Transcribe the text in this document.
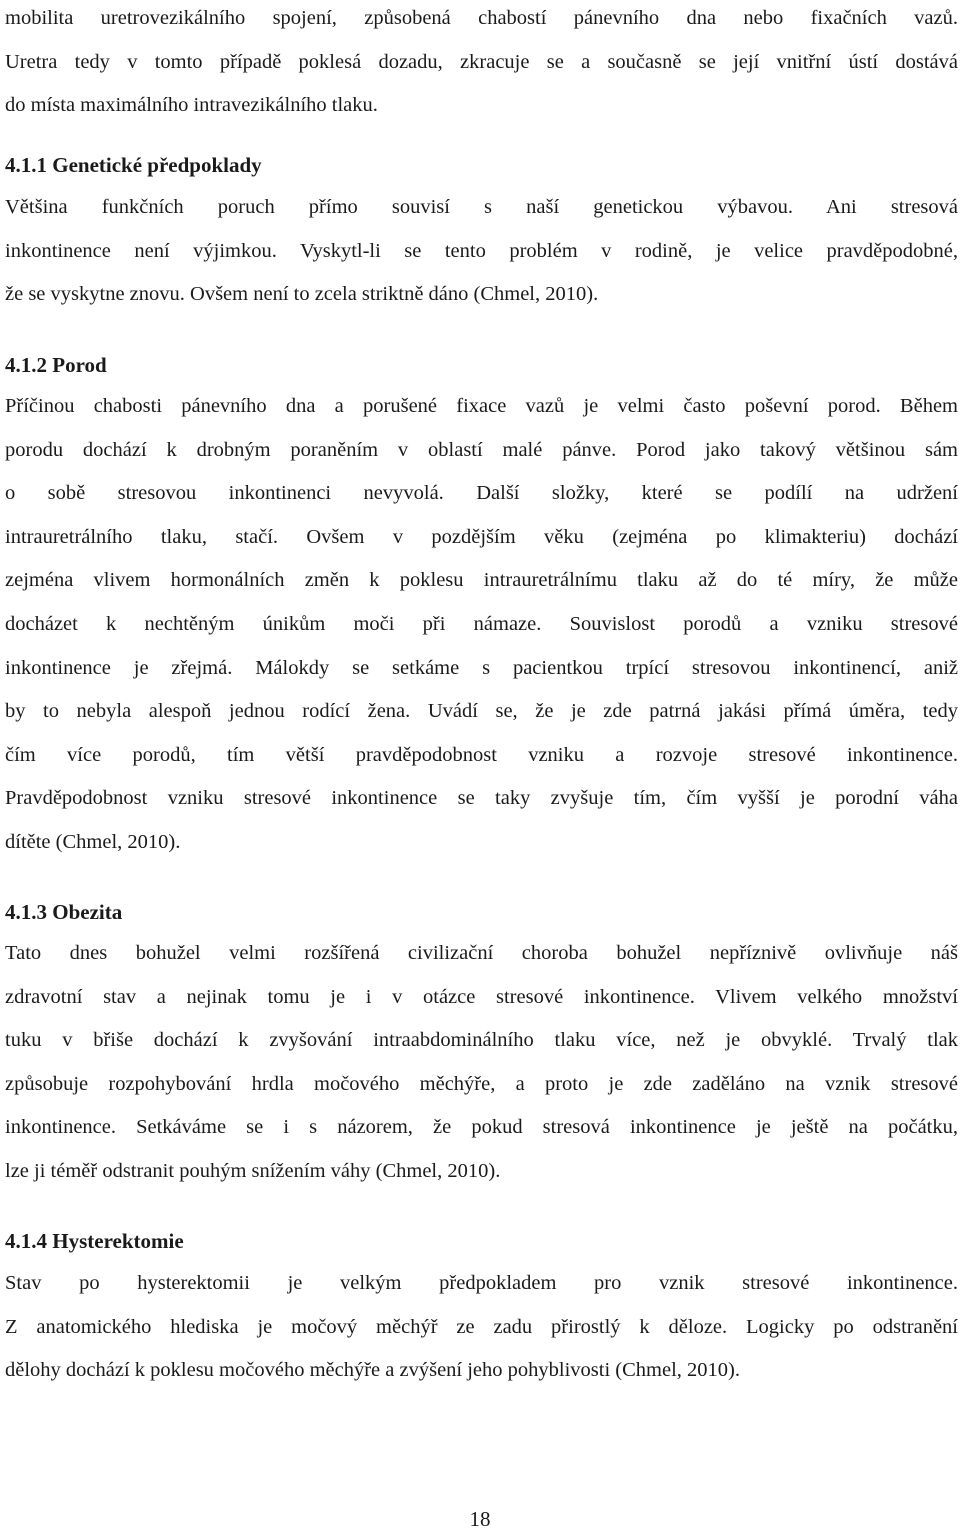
mobilita uretrovezikálního spojení, způsobená chabostí pánevního dna nebo fixačních vazů.
Uretra tedy v tomto případě poklesá dozadu, zkracuje se a současně se její vnitřní ústí dostává
do místa maximálního intravezikálního tlaku.
4.1.1 Genetické předpoklady
Většina funkčních poruch přímo souvisí s naší genetickou výbavou. Ani stresová
inkontinence není výjimkou. Vyskytl-li se tento problém v rodině, je velice pravděpodobné,
že se vyskytne znovu. Ovšem není to zcela striktně dáno (Chmel, 2010).
4.1.2 Porod
Příčinou chabosti pánevního dna a porušené fixace vazů je velmi často poševní porod. Během
porodu dochází k drobným poraněním v oblastí malé pánve. Porod jako takový většinou sám
o sobě stresovou inkontinenci nevyvolá. Další složky, které se podílí na udržení
intrauretrálního tlaku, stačí. Ovšem v pozdějším věku (zejména po klimakteriu) dochází
zejména vlivem hormonálních změn k poklesu intrauretrálnímu tlaku až do té míry, že může
docházet k nechtěným únikům moči při námaze. Souvislost porodů a vzniku stresové
inkontinence je zřejmá. Málokdy se setkáme s pacientkou trpící stresovou inkontinencí, aniž
by to nebyla alespoň jednou rodící žena. Uvádí se, že je zde patrná jakási přímá úměra, tedy
čím více porodů, tím větší pravděpodobnost vzniku a rozvoje stresové inkontinence.
Pravděpodobnost vzniku stresové inkontinence se taky zvyšuje tím, čím vyšší je porodní váha
dítěte (Chmel, 2010).
4.1.3 Obezita
Tato dnes bohužel velmi rozšířená civilizační choroba bohužel nepříznivě ovlivňuje náš
zdravotní stav a nejinak tomu je i v otázce stresové inkontinence. Vlivem velkého množství
tuku v břiše dochází k zvyšování intraabdominálního tlaku více, než je obvyklé. Trvalý tlak
způsobuje rozpohybování hrdla močového měchýře, a proto je zde zaděláno na vznik stresové
inkontinence. Setkáváme se i s názorem, že pokud stresová inkontinence je ještě na počátku,
lze ji téměř odstranit pouhým snížením váhy (Chmel, 2010).
4.1.4 Hysterektomie
Stav po hysterektomii je velkým předpokladem pro vznik stresové inkontinence.
Z anatomického hlediska je močový měchýř ze zadu přirostlý k děloze. Logicky po odstranění
dělohy dochází k poklesu močového měchýře a zvýšení jeho pohyblivosti (Chmel, 2010).
18
